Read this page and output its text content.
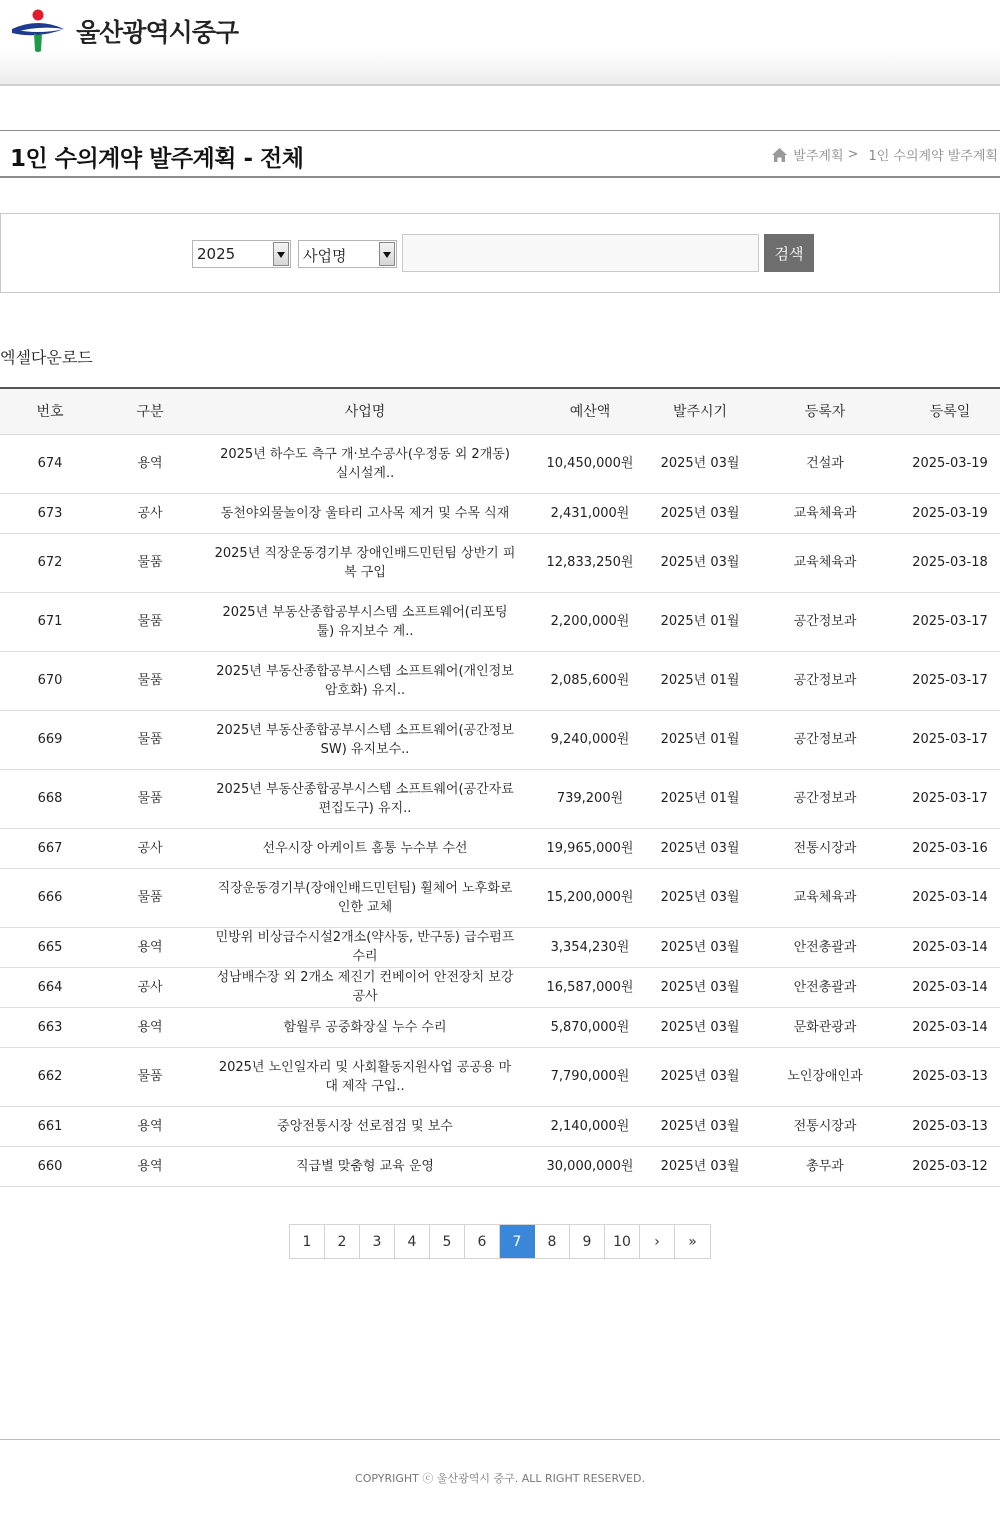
울산광역시중구
1인 수의계약 발주계획 - 전체	발주계획 > 1인 수의계약 발주계획
2025	사업명	검색
엑셀다운로드
번호	구분	사업명	예산액	발주시기	등록자	등록일
674	용역	2025년 하수도 측구 개·보수공사(우정동 외 2개동) 실시설계..	10,450,000원	2025년 03월	건설과	2025-03-19
673	공사	동천야외물놀이장 울타리 고사목 제거 및 수목 식재	2,431,000원	2025년 03월	교육체육과	2025-03-19
672	물품	2025년 직장운동경기부 장애인배드민턴팀 상반기 피복 구입	12,833,250원	2025년 03월	교육체육과	2025-03-18
671	물품	2025년 부동산종합공부시스템 소프트웨어(리포팅툴) 유지보수 계..	2,200,000원	2025년 01월	공간정보과	2025-03-17
670	물품	2025년 부동산종합공부시스템 소프트웨어(개인정보 암호화) 유지..	2,085,600원	2025년 01월	공간정보과	2025-03-17
669	물품	2025년 부동산종합공부시스템 소프트웨어(공간정보SW) 유지보수..	9,240,000원	2025년 01월	공간정보과	2025-03-17
668	물품	2025년 부동산종합공부시스템 소프트웨어(공간자료편집도구) 유지..	739,200원	2025년 01월	공간정보과	2025-03-17
667	공사	선우시장 아케이트 홈통 누수부 수선	19,965,000원	2025년 03월	전통시장과	2025-03-16
666	물품	직장운동경기부(장애인배드민턴팀) 휠체어 노후화로 인한 교체	15,200,000원	2025년 03월	교육체육과	2025-03-14
665	용역	민방위 비상급수시설2개소(약사동, 반구동) 급수펌프 수리	3,354,230원	2025년 03월	안전총괄과	2025-03-14
664	공사	성남배수장 외 2개소 제진기 컨베이어 안전장치 보강 공사	16,587,000원	2025년 03월	안전총괄과	2025-03-14
663	용역	함월루 공중화장실 누수 수리	5,870,000원	2025년 03월	문화관광과	2025-03-14
662	물품	2025년 노인일자리 및 사회활동지원사업 공공용 마대 제작 구입..	7,790,000원	2025년 03월	노인장애인과	2025-03-13
661	용역	중앙전통시장 선로점검 및 보수	2,140,000원	2025년 03월	전통시장과	2025-03-13
660	용역	직급별 맞춤형 교육 운영	30,000,000원	2025년 03월	총무과	2025-03-12
1	2	3	4	5	6	7	8	9	10	›	»
COPYRIGHT ⓒ 울산광역시 중구. ALL RIGHT RESERVED.
